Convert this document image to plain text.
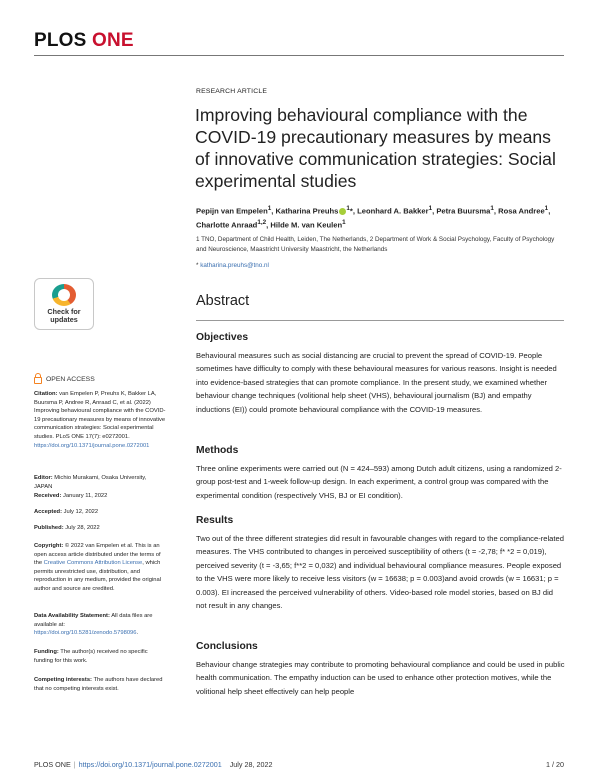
PLOS ONE
RESEARCH ARTICLE
Improving behavioural compliance with the COVID-19 precautionary measures by means of innovative communication strategies: Social experimental studies
Pepijn van Empelen$^1$, Katharina Preuhs $^1$*, Leonhard A. Bakker$^1$, Petra Buursma$^1$, Rosa Andree$^1$, Charlotte Anraad$^{1,2}$, Hilde M. van Keulen$^1$
1 TNO, Department of Child Health, Leiden, The Netherlands, 2 Department of Work & Social Psychology, Faculty of Psychology and Neuroscience, Maastricht University Maastricht, the Netherlands
* katharina.preuhs@tno.nl
Check for
updates
Abstract
Objectives
Behavioural measures such as social distancing are crucial to prevent the spread of COVID-19. People sometimes have difficulty to comply with these behavioural measures for various reasons. Insight is needed into evidence-based strategies that can promote compliance. In the present study, we examined whether behaviour change techniques (volitional help sheet (VHS), behavioural journalism (BJ) and empathy inductions (EI)) could promote behavioural compliance with the COVID-19 measures.
Methods
Three online experiments were carried out (N = 424–593) among Dutch adult citizens, using a randomized 2-group post-test and 1-week follow-up design. In each experiment, a control group was compared with the experimental condition (respectively VHS, BJ or EI condition).
Results
Two out of the three different strategies did result in favourable changes with regard to the compliance-related measures. The VHS contributed to changes in perceived susceptibility of others (t = -2,78; f* *2 = 0,019), perceived severity (t = -3,65; f**2 = 0,032) and individual behavioural compliance measures. People exposed to the VHS were more likely to receive less visitors (w = 16638; p = 0.003)and avoid crowds (w = 16631; p = 0.003). EI increased the perceived vulnerability of others. Video-based role model stories, based on BJ did not result in any changes.
Conclusions
Behaviour change strategies may contribute to promoting behavioural compliance and could be used in public health communication. The empathy induction can be used to enhance other protection motives, while the volitional help sheet effectively can help people
OPEN ACCESS
Citation: van Empelen P, Preuhs K, Bakker LA, Buursma P, Andree R, Anraad C, et al. (2022) Improving behavioural compliance with the COVID-19 precautionary measures by means of innovative communication strategies: Social experimental studies. PLoS ONE 17(7): e0272001. https://doi.org/10.1371/journal.pone.0272001
Editor: Michio Murakami, Osaka University, JAPAN
Received: January 11, 2022
Accepted: July 12, 2022
Published: July 28, 2022
Copyright: © 2022 van Empelen et al. This is an open access article distributed under the terms of the Creative Commons Attribution License, which permits unrestricted use, distribution, and reproduction in any medium, provided the original author and source are credited.
Data Availability Statement: All data files are available at: https://doi.org/10.5281/zenodo.5798096.
Funding: The author(s) received no specific funding for this work.
Competing interests: The authors have declared that no competing interests exist.
PLOS ONE | https://doi.org/10.1371/journal.pone.0272001 July 28, 2022	1 / 20
